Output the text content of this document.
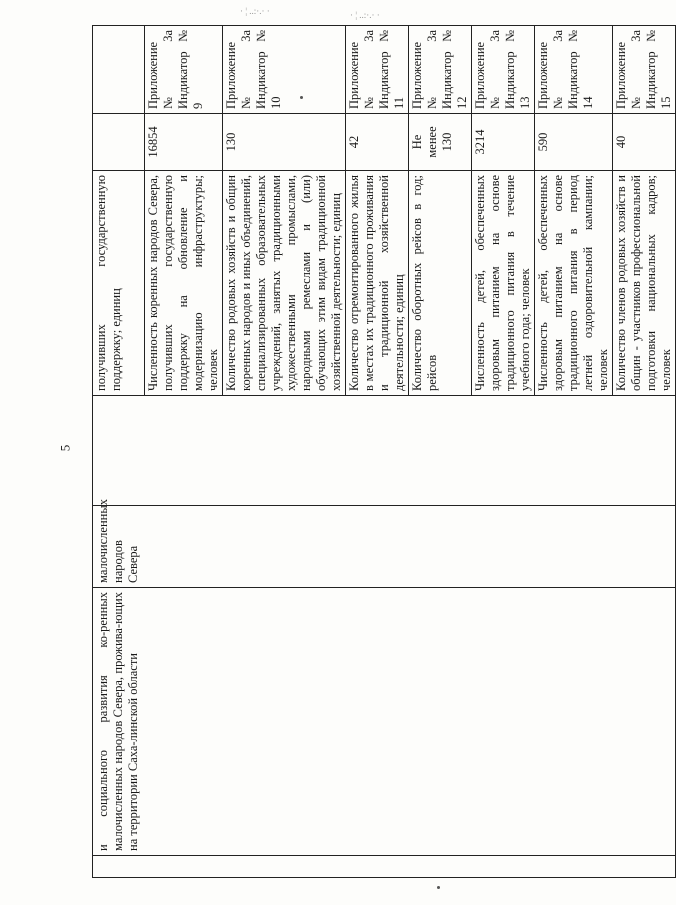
· ¦ ..:·.· ·	· ¦ ..:·.· ·
5
	и социального развития ко-ренных малочисленных народов Севера, прожива-ющих на территории Саха-линской области	малочисленных народов Севера		получивших государственную поддержку; единиц		
				Численность коренных народов Севера, получивших государственную поддержку на обновление и модернизацию инфраструктуры; человек	16854	Приложение № 3а Индикатор № 9
				Количество родовых хозяйств и общин коренных народов и иных объединений, специализированных образовательных учреждений, занятых традиционными художественными промыслами, народными ремеслами и (или) обучающих этим видам традиционной хозяйственной деятельности; единиц	130	Приложение № 3а Индикатор № 10
				Количество отремонтированного жилья в местах их традиционного проживания и традиционной хозяйственной деятельности; единиц	42	Приложение № 3а Индикатор № 11
				Количество оборотных рейсов в год; рейсов	Не менее 130	Приложение № 3а Индикатор № 12
				Численность детей, обеспеченных здоровым питанием на основе традиционного питания в течение учебного года; человек	3214	Приложение № 3а Индикатор № 13
				Численность детей, обеспеченных здоровым питанием на основе традиционного питания в период летней оздоровительной кампании; человек	590	Приложение № 3а Индикатор № 14
				Количество членов родовых хозяйств и общин - участников профессиональной подготовки национальных кадров; человек	40	Приложение № 3а Индикатор № 15
